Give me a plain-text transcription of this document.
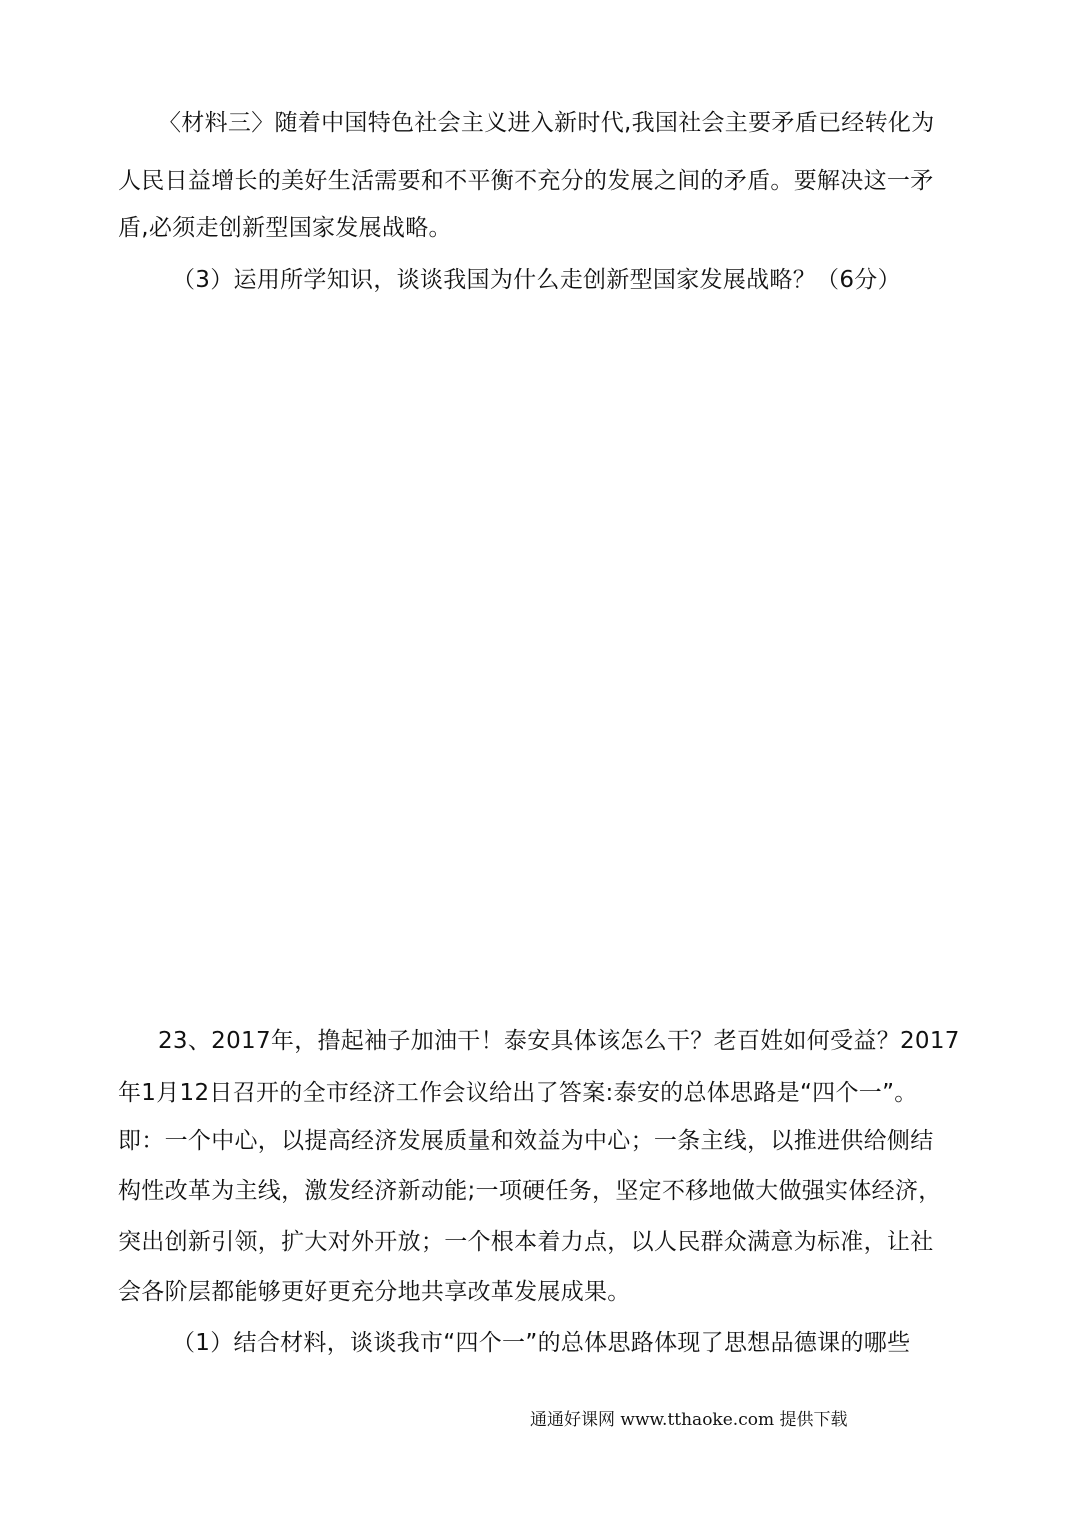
〈材料三〉随着中国特色社会主义进入新时代,我国社会主要矛盾已经转化为
人民日益增长的美好生活需要和不平衡不充分的发展之间的矛盾。要解决这一矛
盾,必须走创新型国家发展战略。
（3）运用所学知识，谈谈我国为什么走创新型国家发展战略？（6分）
23、2017年，撸起袖子加油干！泰安具体该怎么干？老百姓如何受益？2017
年1月12日召开的全市经济工作会议给出了答案:泰安的总体思路是“四个一”。
即：一个中心，以提高经济发展质量和效益为中心；一条主线，以推进供给侧结
构性改革为主线，激发经济新动能;一项硬任务，坚定不移地做大做强实体经济，
突出创新引领，扩大对外开放；一个根本着力点，以人民群众满意为标准，让社
会各阶层都能够更好更充分地共享改革发展成果。
（1）结合材料，谈谈我市“四个一”的总体思路体现了思想品德课的哪些
通通好课网 www.tthaoke.com 提供下载
